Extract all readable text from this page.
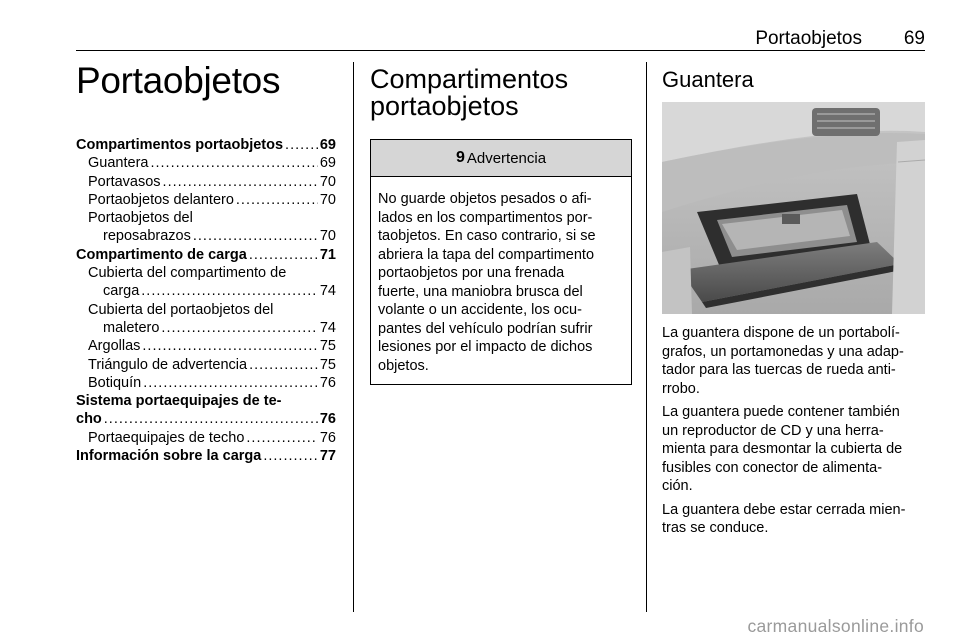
Portaobjetos 69
Portaobjetos
Compartimentos portaobjetos .....	69
Guantera .....	69
Portavasos .....	70
Portaobjetos delantero .....	70
Portaobjetos del
reposabrazos .....	70
Compartimento de carga .....	71
Cubierta del compartimento de
carga .....	74
Cubierta del portaobjetos del
maletero .....	74
Argollas .....	75
Triángulo de advertencia .....	75
Botiquín .....	76
Sistema portaequipajes de te-
cho .....	76
Portaequipajes de techo .....	76
Información sobre la carga .....	77
Compartimentos
portaobjetos
9 Advertencia
No guarde objetos pesados o afi-
lados en los compartimentos por-
taobjetos. En caso contrario, si se
abriera la tapa del compartimento
portaobjetos por una frenada
fuerte, una maniobra brusca del
volante o un accidente, los ocu-
pantes del vehículo podrían sufrir
lesiones por el impacto de dichos
objetos.
Guantera

La guantera dispone de un portabolí-
grafos, un portamonedas y una adap-
tador para las tuercas de rueda anti-
rrobo.

La guantera puede contener también
un reproductor de CD y una herra-
mienta para desmontar la cubierta de
fusibles con conector de alimenta-
ción.

La guantera debe estar cerrada mien-
tras se conduce.

carmanualsonline.info
